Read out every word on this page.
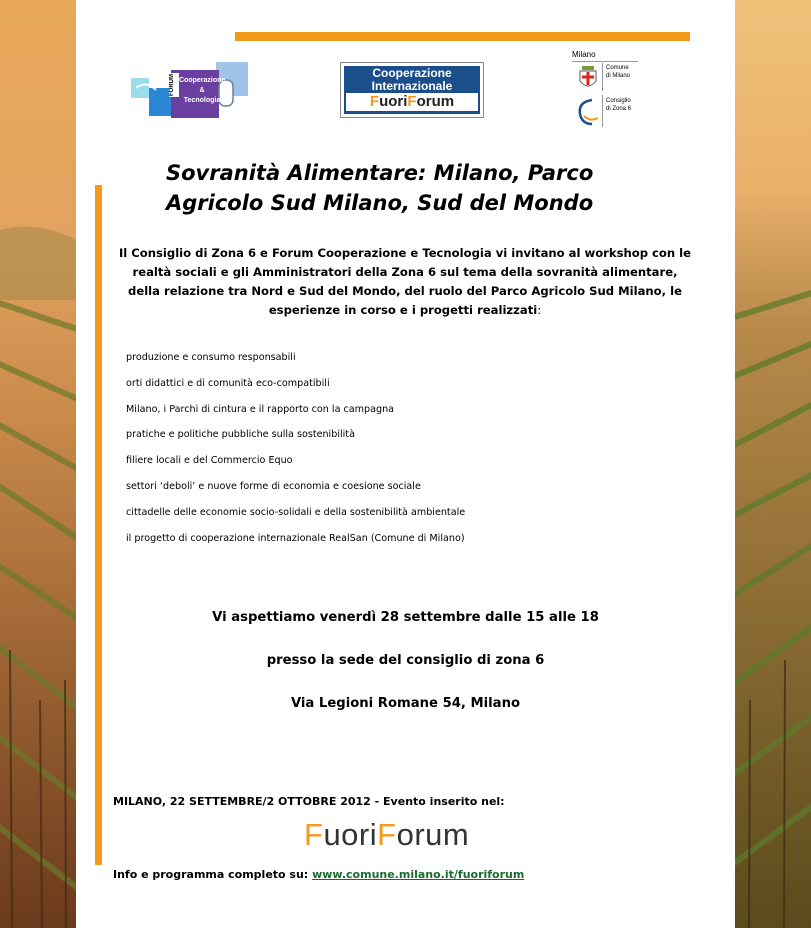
FORUM Cooperazione
&
Tecnologia
Cooperazione
Internazionale
FuoriForum
Milano
Comune
di Milano
Consiglio
di Zona 6
Sovranità Alimentare: Milano, Parco
Agricolo Sud Milano, Sud del Mondo
Il Consiglio di Zona 6 e Forum Cooperazione e Tecnologia vi invitano al workshop con le realtà sociali e gli Amministratori della Zona 6 sul tema della sovranità alimentare, della relazione tra Nord e Sud del Mondo, del ruolo del Parco Agricolo Sud Milano, le esperienze in corso e i progetti realizzati:
produzione e consumo responsabili
orti didattici e di comunità eco-compatibili
Milano, i Parchi di cintura e il rapporto con la campagna
pratiche e politiche pubbliche sulla sostenibilità
filiere locali e del Commercio Equo
settori ‘deboli’ e nuove forme di economia e coesione sociale
cittadelle delle economie socio-solidali e della sostenibilità ambientale
il progetto di cooperazione internazionale RealSan (Comune di Milano)
Vi aspettiamo venerdì 28 settembre dalle 15 alle 18
presso la sede del consiglio di zona 6
Via Legioni Romane 54, Milano
MILANO, 22 SETTEMBRE/2 OTTOBRE 2012 - Evento inserito nel:
FuoriForum
Info e programma completo su: www.comune.milano.it/fuoriforum
